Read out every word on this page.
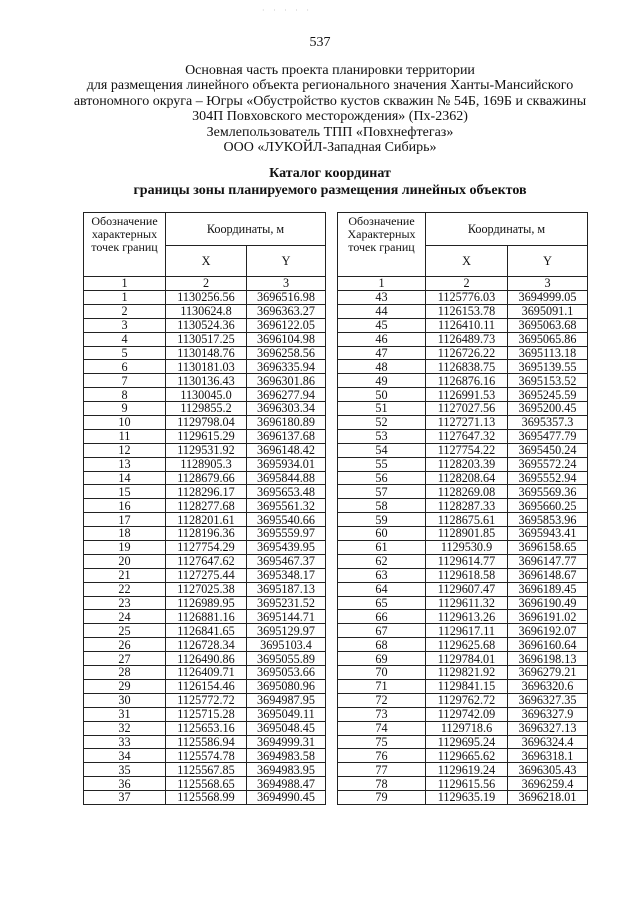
· · · · ·
537
Основная часть проекта планировки территории
для размещения линейного объекта регионального значения Ханты-Мансийского
автономного округа – Югры «Обустройство кустов скважин № 54Б, 169Б и скважины
304П Повховского месторождения» (Пх-2362)
Землепользователь ТПП «Повхнефтегаз»
ООО «ЛУКОЙЛ-Западная Сибирь»
Каталог координат
границы зоны планируемого размещения линейных объектов
Обозначение характерных точек границ	Координаты, м	
	X	Y
1	2	3
1	1130256.56	3696516.98
2	1130624.8	3696363.27
3	1130524.36	3696122.05
4	1130517.25	3696104.98
5	1130148.76	3696258.56
6	1130181.03	3696335.94
7	1130136.43	3696301.86
8	1130045.0	3696277.94
9	1129855.2	3696303.34
10	1129798.04	3696180.89
11	1129615.29	3696137.68
12	1129531.92	3696148.42
13	1128905.3	3695934.01
14	1128679.66	3695844.88
15	1128296.17	3695653.48
16	1128277.68	3695561.32
17	1128201.61	3695540.66
18	1128196.36	3695559.97
19	1127754.29	3695439.95
20	1127647.62	3695467.37
21	1127275.44	3695348.17
22	1127025.38	3695187.13
23	1126989.95	3695231.52
24	1126881.16	3695144.71
25	1126841.65	3695129.97
26	1126728.34	3695103.4
27	1126490.86	3695055.89
28	1126409.71	3695053.66
29	1126154.46	3695080.96
30	1125772.72	3694987.95
31	1125715.28	3695049.11
32	1125653.16	3695048.45
33	1125586.94	3694999.31
34	1125574.78	3694983.58
35	1125567.85	3694983.95
36	1125568.65	3694988.47
37	1125568.99	3694990.45
Обозначение Характерных точек границ	Координаты, м	
	X	Y
1	2	3
43	1125776.03	3694999.05
44	1126153.78	3695091.1
45	1126410.11	3695063.68
46	1126489.73	3695065.86
47	1126726.22	3695113.18
48	1126838.75	3695139.55
49	1126876.16	3695153.52
50	1126991.53	3695245.59
51	1127027.56	3695200.45
52	1127271.13	3695357.3
53	1127647.32	3695477.79
54	1127754.22	3695450.24
55	1128203.39	3695572.24
56	1128208.64	3695552.94
57	1128269.08	3695569.36
58	1128287.33	3695660.25
59	1128675.61	3695853.96
60	1128901.85	3695943.41
61	1129530.9	3696158.65
62	1129614.77	3696147.77
63	1129618.58	3696148.67
64	1129607.47	3696189.45
65	1129611.32	3696190.49
66	1129613.26	3696191.02
67	1129617.11	3696192.07
68	1129625.68	3696160.64
69	1129784.01	3696198.13
70	1129821.92	3696279.21
71	1129841.15	3696320.6
72	1129762.72	3696327.35
73	1129742.09	3696327.9
74	1129718.6	3696327.13
75	1129695.24	3696324.4
76	1129665.62	3696318.1
77	1129619.24	3696305.43
78	1129615.56	3696259.4
79	1129635.19	3696218.01
